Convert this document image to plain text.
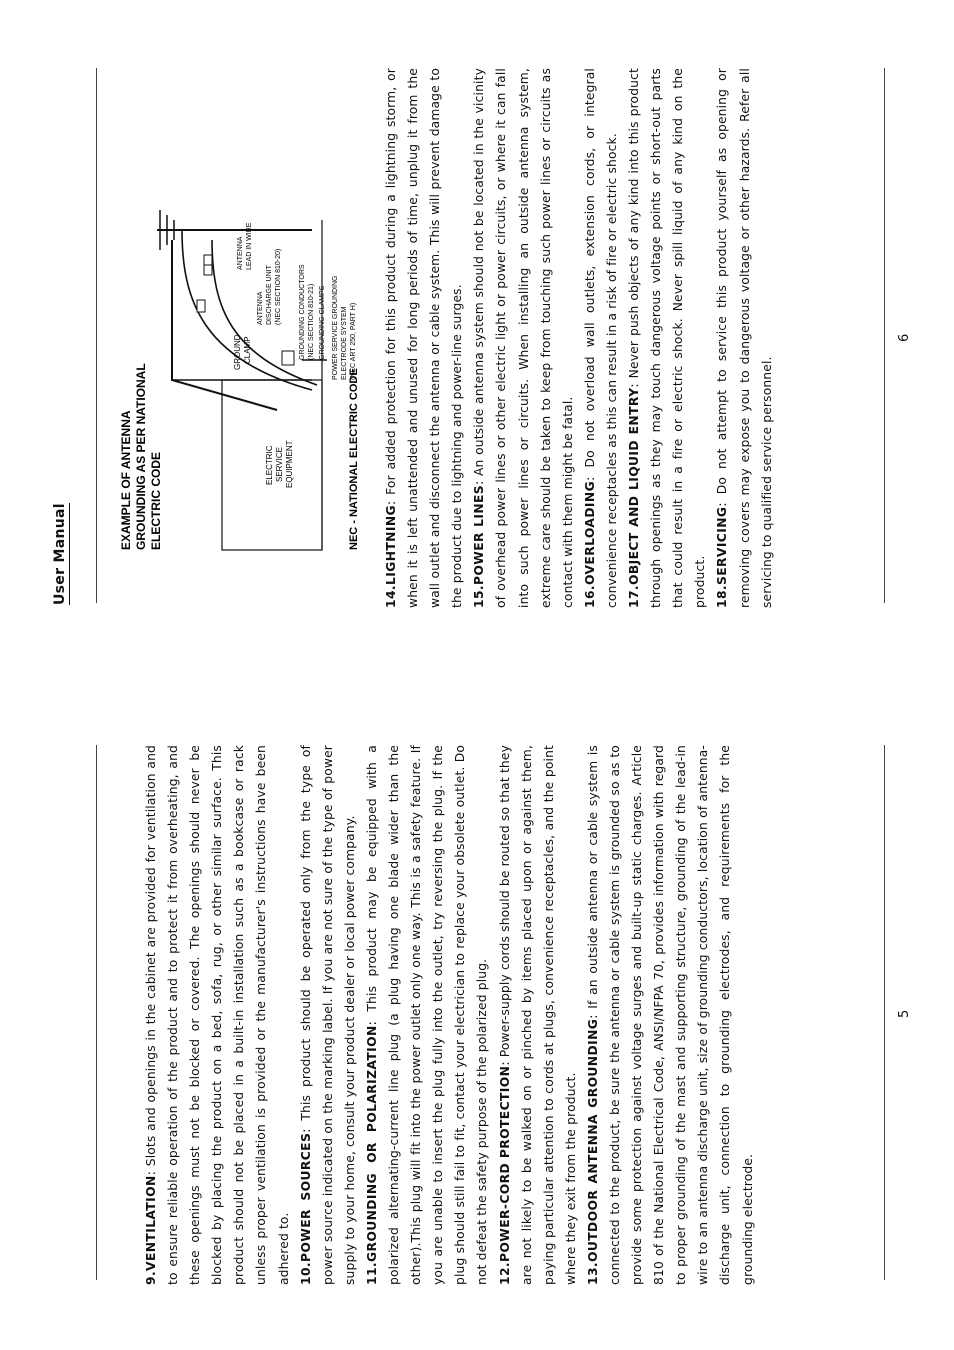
User Manual
5
6

9.VENTILATION: Slots and openings in the cabinet are provided for ventilation and to ensure reliable operation of the product and to protect it from overheating, and these openings must not be blocked or covered. The openings should never be blocked by placing the product on a bed, sofa, rug, or other similar surface. This product should not be placed in a built-in installation such as a bookcase or rack unless proper ventilation is provided or the manufacturer's instructions have been adhered to. 10.POWER SOURCES: This product should be operated only from the type of power source indicated on the marking label. If you are not sure of the type of power supply to your home, consult your product dealer or local power company. 11.GROUNDING OR POLARIZATION: This product may be equipped with a polarized alternating-current line plug (a plug having one blade wider than the other).This plug will fit into the power outlet only one way. This is a safety feature. If you are unable to insert the plug fully into the outlet, try reversing the plug. If the plug should still fail to fit, contact your electrician to replace your obsolete outlet. Do not defeat the safety purpose of the polarized plug. 12.POWER-CORD PROTECTION: Power-supply cords should be routed so that they are not likely to be walked on or pinched by items placed upon or against them, paying particular attention to cords at plugs, convenience receptacles, and the point where they exit from the product. 13.OUTDOOR ANTENNA GROUNDING: If an outside antenna or cable system is connected to the product, be sure the antenna or cable system is grounded so as to provide some protection against voltage surges and built-up static charges. Article 810 of the National Electrical Code, ANSI/NFPA 70, provides information with regard to proper grounding of the mast and supporting structure, grounding of the lead-in wire to an antenna discharge unit, size of grounding conductors, location of antenna-discharge unit, connection to grounding electrodes, and requirements for the grounding electrode.

14.LIGHTNING: For added protection for this product during a lightning storm, or when it is left unattended and unused for long periods of time, unplug it from the wall outlet and disconnect the antenna or cable system. This will prevent damage to the product due to lightning and power-line surges. 15.POWER LINES: An outside antenna system should not be located in the vicinity of overhead power lines or other electric light or power circuits, or where it can fall into such power lines or circuits. When installing an outside antenna system, extreme care should be taken to keep from touching such power lines or circuits as contact with them might be fatal. 16.OVERLOADING: Do not overload wall outlets, extension cords, or integral convenience receptacles as this can result in a risk of fire or electric shock. 17.OBJECT AND LIQUID ENTRY: Never push objects of any kind into this product through openings as they may touch dangerous voltage points or short-out parts that could result in a fire or electric shock. Never spill liquid of any kind on the product. 18.SERVICING: Do not attempt to service this product yourself as opening or removing covers may expose you to dangerous voltage or other hazards. Refer all servicing to qualified service personnel.

EXAMPLE OF ANTENNA GROUNDING AS PER NATIONAL ELECTRIC CODE
GROUND CLAMP
ELECTRIC SERVICE EQUIPMENT
ANTENNA LEAD IN WIRE
ANTENNA DISCHARGE UNIT (NEC SECTION 810-20) GROUNDING CONDUCTORS (NEC SECTION 810-21) GROUNDING CLAMPS POWER SERVICE GROUNDING ELECTRODE SYSTEM (NEC ART 250, PART H)
NEC - NATIONAL ELECTRIC CODE
